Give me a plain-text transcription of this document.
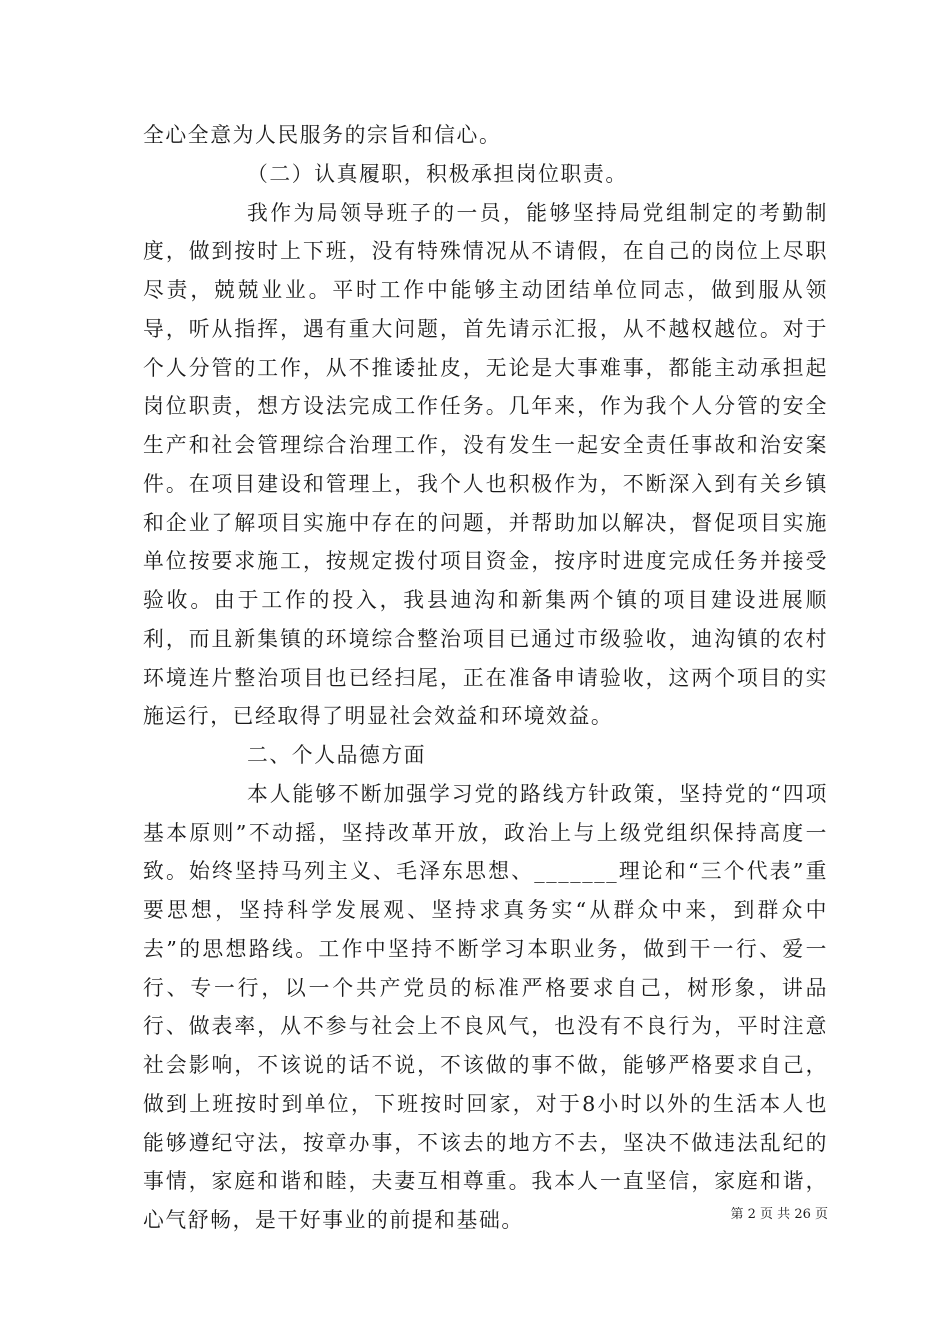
全心全意为人民服务的宗旨和信心。

（二）认真履职，积极承担岗位职责。

我作为局领导班子的一员，能够坚持局党组制定的考勤制度，做到按时上下班，没有特殊情况从不请假，在自己的岗位上尽职尽责，兢兢业业。平时工作中能够主动团结单位同志，做到服从领导，听从指挥，遇有重大问题，首先请示汇报，从不越权越位。对于个人分管的工作，从不推诿扯皮，无论是大事难事，都能主动承担起岗位职责，想方设法完成工作任务。几年来，作为我个人分管的安全生产和社会管理综合治理工作，没有发生一起安全责任事故和治安案件。在项目建设和管理上，我个人也积极作为，不断深入到有关乡镇和企业了解项目实施中存在的问题，并帮助加以解决，督促项目实施单位按要求施工，按规定拨付项目资金，按序时进度完成任务并接受验收。由于工作的投入，我县迪沟和新集两个镇的项目建设进展顺利，而且新集镇的环境综合整治项目已通过市级验收，迪沟镇的农村环境连片整治项目也已经扫尾，正在准备申请验收，这两个项目的实施运行，已经取得了明显社会效益和环境效益。

二、个人品德方面

本人能够不断加强学习党的路线方针政策，坚持党的“四项基本原则”不动摇，坚持改革开放，政治上与上级党组织保持高度一致。始终坚持马列主义、毛泽东思想、_______理论和“三个代表”重要思想，坚持科学发展观、坚持求真务实“从群众中来，到群众中去”的思想路线。工作中坚持不断学习本职业务，做到干一行、爱一行、专一行，以一个共产党员的标准严格要求自己，树形象，讲品行、做表率，从不参与社会上不良风气，也没有不良行为，平时注意社会影响，不该说的话不说，不该做的事不做，能够严格要求自己，做到上班按时到单位，下班按时回家，对于8小时以外的生活本人也能够遵纪守法，按章办事，不该去的地方不去，坚决不做违法乱纪的事情，家庭和谐和睦，夫妻互相尊重。我本人一直坚信，家庭和谐，心气舒畅，是干好事业的前提和基础。	第 2 页 共 26 页
